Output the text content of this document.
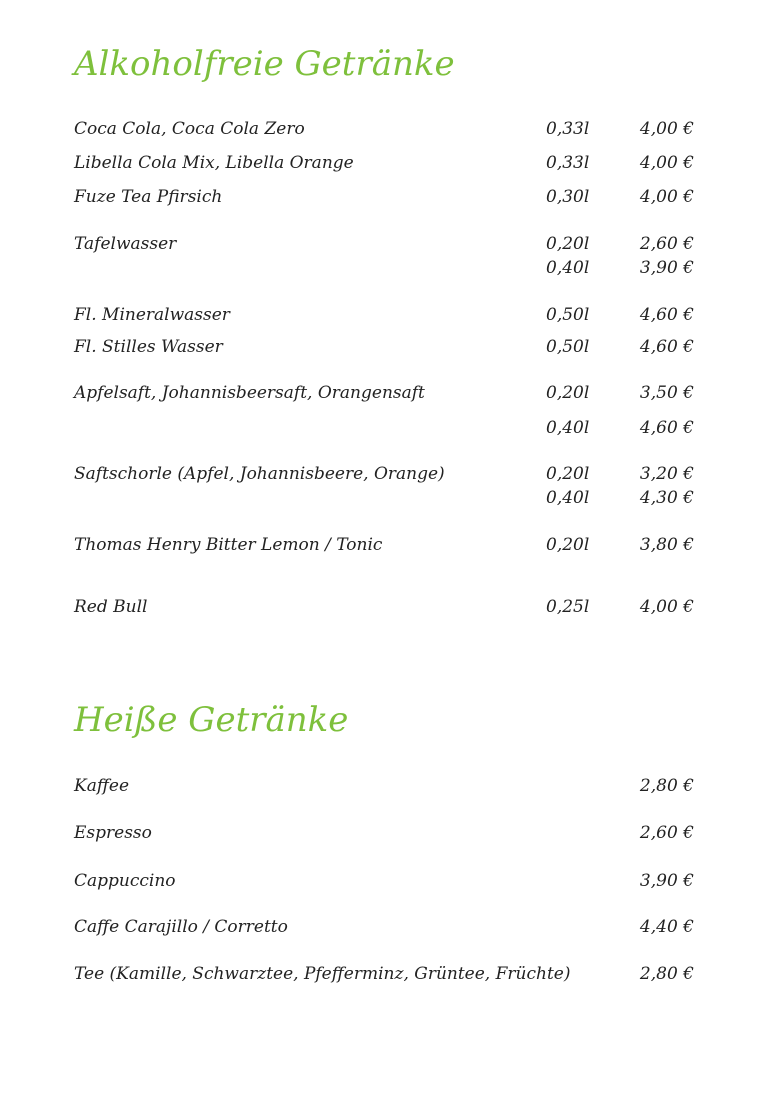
Alkoholfreie Getränke
Coca Cola, Coca Cola Zero	0,33l	4,00 €
Libella Cola Mix, Libella Orange	0,33l	4,00 €
Fuze Tea Pfirsich	0,30l	4,00 €
Tafelwasser	0,20l	2,60 €
0,40l	3,90 €
Fl. Mineralwasser	0,50l	4,60 €
Fl. Stilles Wasser	0,50l	4,60 €
Apfelsaft, Johannisbeersaft, Orangensaft	0,20l	3,50 €
0,40l	4,60 €
Saftschorle (Apfel, Johannisbeere, Orange)	0,20l	3,20 €
0,40l	4,30 €
Thomas Henry Bitter Lemon / Tonic	0,20l	3,80 €
Red Bull	0,25l	4,00 €
Heiße Getränke
Kaffee	2,80 €
Espresso	2,60 €
Cappuccino	3,90 €
Caffe Carajillo / Corretto	4,40 €
Tee (Kamille, Schwarztee, Pfefferminz, Grüntee, Früchte)	2,80 €
